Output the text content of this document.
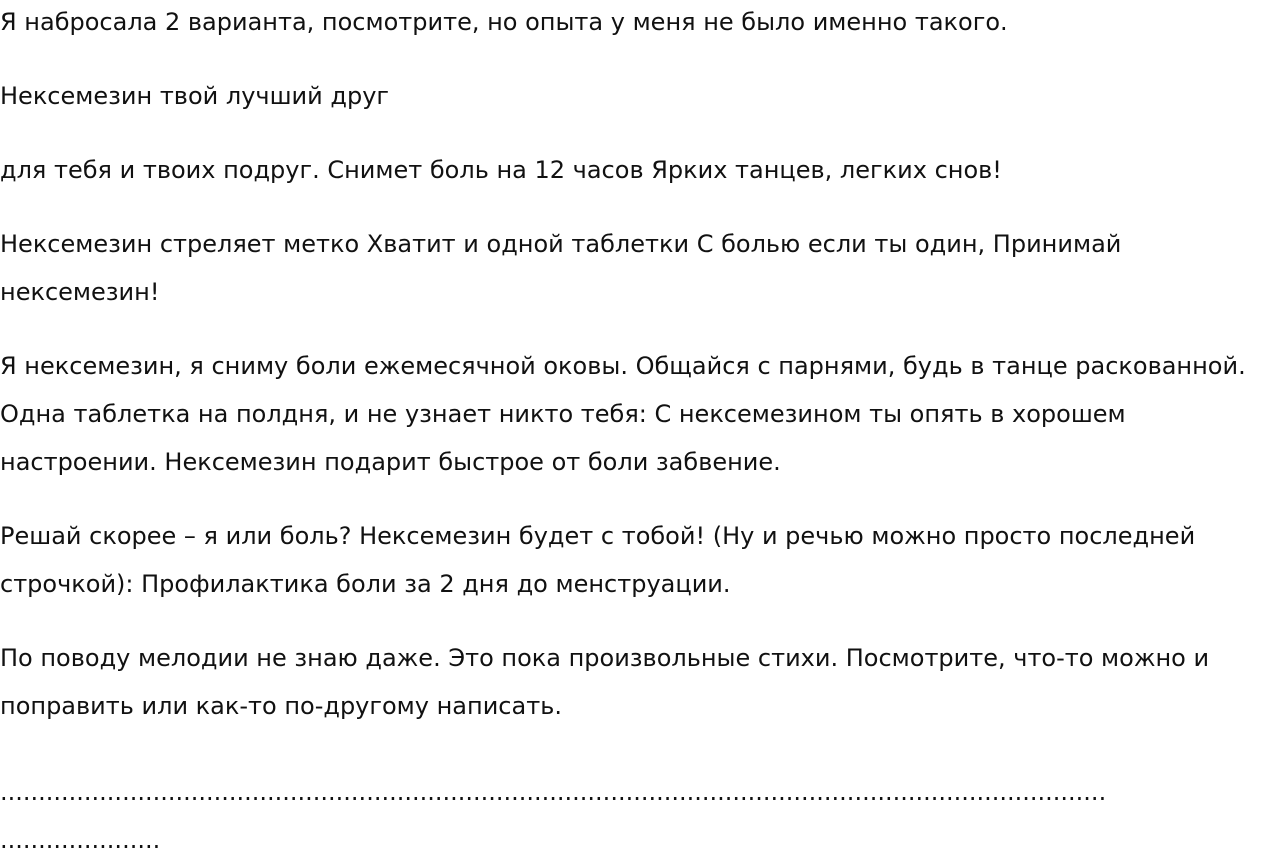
Я набросала 2 варианта, посмотрите, но опыта у меня не было именно такого.

Нексемезин твой лучший друг

для тебя и твоих подруг. Снимет боль на 12 часов Ярких танцев, легких снов!

Нексемезин стреляет метко Хватит и одной таблетки С болью если ты один, Принимай нексемезин!

Я нексемезин, я сниму боли ежемесячной оковы. Общайся с парнями, будь в танце раскованной. Одна таблетка на полдня, и не узнает никто тебя: С нексемезином ты опять в хорошем настроении. Нексемезин подарит быстрое от боли забвение.

Решай скорее – я или боль? Нексемезин будет с тобой! (Ну и речью можно просто последней строчкой): Профилактика боли за 2 дня до менструации.

По поводу мелодии не знаю даже. Это пока произвольные стихи. Посмотрите, что-то можно и поправить или как-то по-другому написать.

.................................................................................................................................................

.....................
